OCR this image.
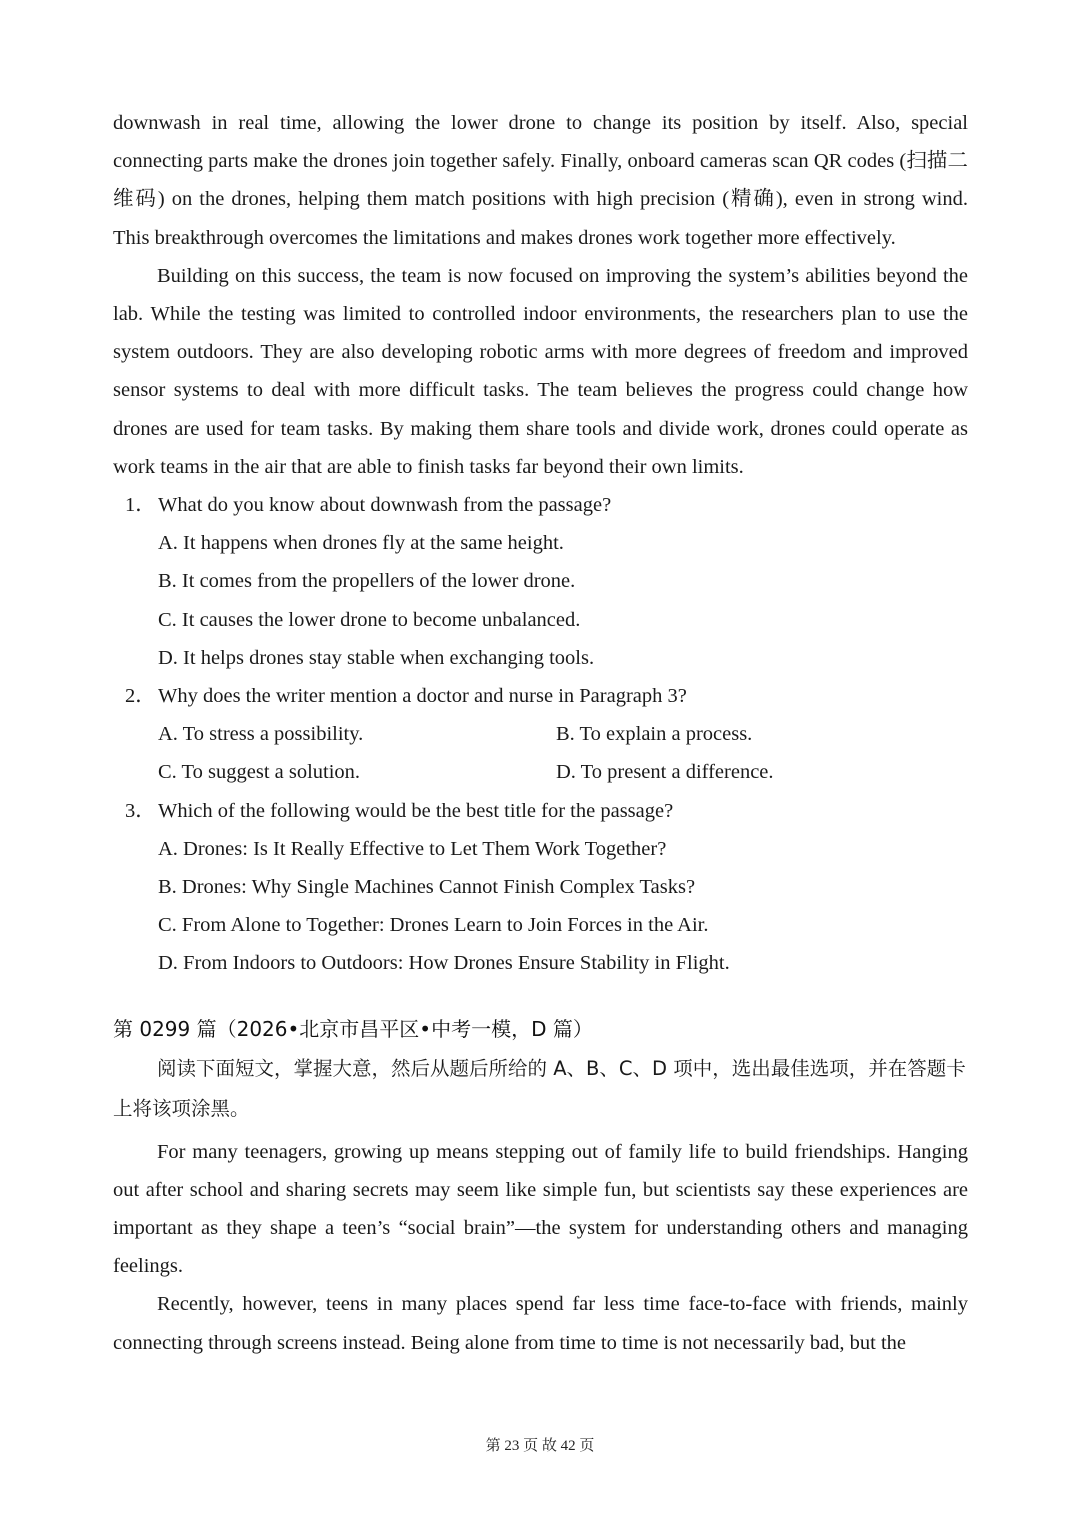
downwash in real time, allowing the lower drone to change its position by itself. Also, special connecting parts make the drones join together safely. Finally, onboard cameras scan QR codes (扫描二维码) on the drones, helping them match positions with high precision (精确), even in strong wind. This breakthrough overcomes the limitations and makes drones work together more effectively.

Building on this success, the team is now focused on improving the system’s abilities beyond the lab. While the testing was limited to controlled indoor environments, the researchers plan to use the system outdoors. They are also developing robotic arms with more degrees of freedom and improved sensor systems to deal with more difficult tasks. The team believes the progress could change how drones are used for team tasks. By making them share tools and divide work, drones could operate as work teams in the air that are able to finish tasks far beyond their own limits.

1． What do you know about downwash from the passage?

A. It happens when drones fly at the same height.

B. It comes from the propellers of the lower drone.

C. It causes the lower drone to become unbalanced.

D. It helps drones stay stable when exchanging tools.

2． Why does the writer mention a doctor and nurse in Paragraph 3?

A. To stress a possibility.	B. To explain a process.
C. To suggest a solution.	D. To present a difference.

3． Which of the following would be the best title for the passage?

A. Drones: Is It Really Effective to Let Them Work Together?

B. Drones: Why Single Machines Cannot Finish Complex Tasks?

C. From Alone to Together: Drones Learn to Join Forces in the Air.

D. From Indoors to Outdoors: How Drones Ensure Stability in Flight.

第 0299 篇（2026•北京市昌平区•中考一模，D 篇）

阅读下面短文，掌握大意，然后从题后所给的 A、B、C、D 项中，选出最佳选项，并在答题卡上将该项涂黑。

For many teenagers, growing up means stepping out of family life to build friendships. Hanging out after school and sharing secrets may seem like simple fun, but scientists say these experiences are important as they shape a teen’s “social brain”—the system for understanding others and managing feelings.

Recently, however, teens in many places spend far less time face-to-face with friends, mainly connecting through screens instead. Being alone from time to time is not necessarily bad, but the

第 23 页 故 42 页
